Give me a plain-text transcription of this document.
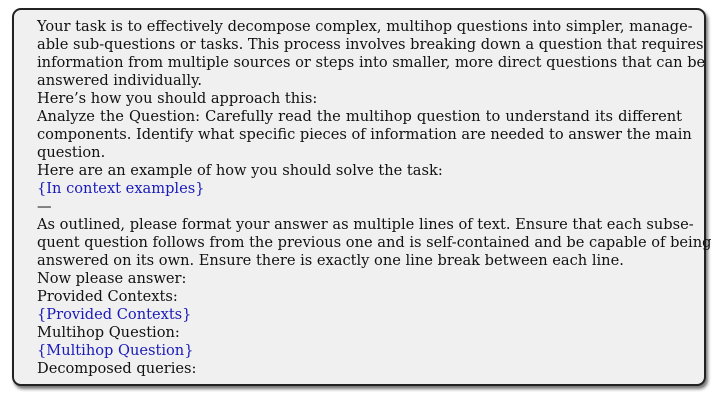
Your task is to effectively decompose complex, multihop questions into simpler, manage-
able sub-questions or tasks. This process involves breaking down a question that requires
information from multiple sources or steps into smaller, more direct questions that can be
answered individually.
Here’s how you should approach this:
Analyze the Question: Carefully read the multihop question to understand its different
components. Identify what specific pieces of information are needed to answer the main
question.
Here are an example of how you should solve the task:
{In context examples}
—
As outlined, please format your answer as multiple lines of text. Ensure that each subse-
quent question follows from the previous one and is self-contained and be capable of being
answered on its own. Ensure there is exactly one line break between each line.
Now please answer:
Provided Contexts:
{Provided Contexts}
Multihop Question:
{Multihop Question}
Decomposed queries:
